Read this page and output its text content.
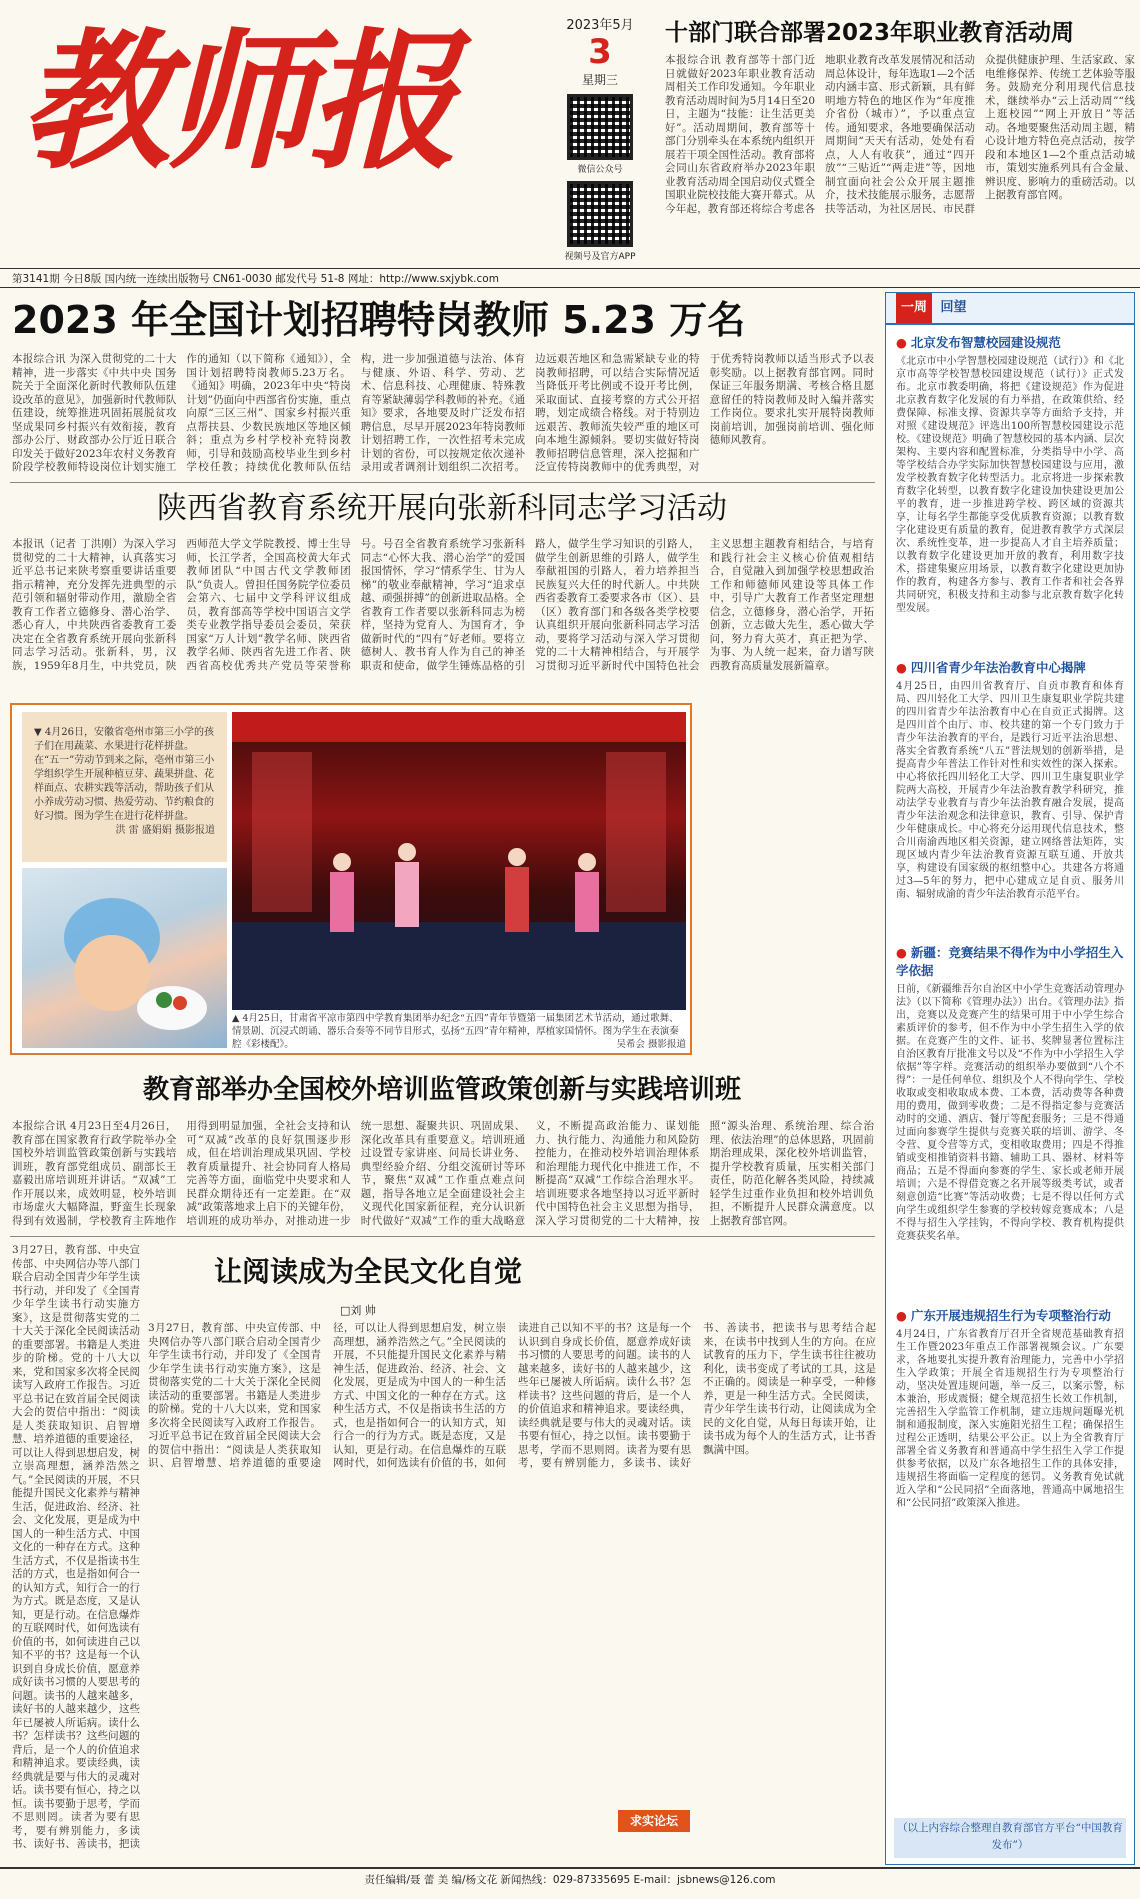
教师报	2023年5月
3
星期三
微信公众号
视频号及官方APP
十部门联合部署2023年职业教育活动周
本报综合讯 教育部等十部门近日就做好2023年职业教育活动周相关工作印发通知。今年职业教育活动周时间为5月14日至20日，主题为“技能：让生活更美好”。活动周期间，教育部等十部门分别牵头在本系统内组织开展若干项全国性活动。教育部将会同山东省政府举办2023年职业教育活动周全国启动仪式暨全国职业院校技能大赛开幕式。从今年起，教育部还将综合考虑各地职业教育改革发展情况和活动周总体设计，每年选取1—2个活动内涵丰富、形式新颖，具有鲜明地方特色的地区作为“年度推介省份（城市）”，予以重点宣传。通知要求，各地要确保活动周期间“天天有活动，处处有看点，人人有收获”，通过“四开放”“三贴近”“两走进”等，因地制宜面向社会公众开展主题推介，技术技能展示服务，志愿帮扶等活动，为社区居民、市民群众提供健康护理、生活家政、家电维修保养、传统工艺体验等服务。鼓励充分利用现代信息技术，继续举办“云上活动周”“线上逛校园”“网上开放日”等活动。各地要聚焦活动周主题，精心设计地方特色亮点活动，按学段和本地区1—2个重点活动城市，策划实施系列具有合金量、辨识度、影响力的重磅活动。以上据教育部官网。
第3141期 今日8版 国内统一连续出版物号 CN61-0030 邮发代号 51-8 网址：http://www.sxjybk.com
2023 年全国计划招聘特岗教师 5.23 万名
本报综合讯 为深入贯彻党的二十大精神，进一步落实《中共中央 国务院关于全面深化新时代教师队伍建设改革的意见》，加强新时代教师队伍建设，统筹推进巩固拓展脱贫攻坚成果同乡村振兴有效衔接，教育部办公厅、财政部办公厅近日联合印发关于做好2023年农村义务教育阶段学校教师特设岗位计划实施工作的通知（以下简称《通知》），全国计划招聘特岗教师5.23万名。《通知》明确，2023年中央“特岗计划”仍面向中西部省份实施，重点向原“三区三州”、国家乡村振兴重点帮扶县、少数民族地区等地区倾斜；重点为乡村学校补充特岗教师，引导和鼓励高校毕业生到乡村学校任教；持续优化教师队伍结构，进一步加强道德与法治、体育与健康、外语、科学、劳动、艺术、信息科技、心理健康、特殊教育等紧缺薄弱学科教师的补充。《通知》要求，各地要及时广泛发布招聘信息，尽早开展2023年特岗教师计划招聘工作，一次性招考未完成计划的省份，可以按规定依次递补录用或者调剂计划组织二次招考。边远艰苦地区和急需紧缺专业的特岗教师招聘，可以结合实际情况适当降低开考比例或不设开考比例，采取面试、直接考察的方式公开招聘，划定成绩合格线。对于特别边远艰苦、教师流失较严重的地区可向本地生源倾斜。要切实做好特岗教师招聘信息管理，深入挖掘和广泛宣传特岗教师中的优秀典型，对于优秀特岗教师以适当形式予以表彰奖励。以上据教育部官网。同时保证三年服务期满、考核合格且愿意留任的特岗教师及时入编并落实工作岗位。要求扎实开展特岗教师岗前培训，加强岗前培训、强化师德师风教育。
陕西省教育系统开展向张新科同志学习活动
本报讯（记者 丁洪刚）为深入学习贯彻党的二十大精神，认真落实习近平总书记来陕考察重要讲话重要指示精神，充分发挥先进典型的示范引领和辐射带动作用，激励全省教育工作者立德修身、潜心治学、悉心育人，中共陕西省委教育工委决定在全省教育系统开展向张新科同志学习活动。张新科，男，汉族，1959年8月生，中共党员，陕西师范大学文学院教授、博士生导师，长江学者，全国高校黄大年式教师团队“中国古代文学教师团队”负责人。曾担任国务院学位委员会第六、七届中文学科评议组成员，教育部高等学校中国语言文学类专业教学指导委员会委员，荣获国家“万人计划”教学名师、陕西省教学名师、陕西省先进工作者、陕西省高校优秀共产党员等荣誉称号。号召全省教育系统学习张新科同志“心怀大我、潜心治学”的爱国报国情怀，学习“情系学生、甘为人梯”的敬业奉献精神，学习“追求卓越、顽强拼搏”的创新进取品格。全省教育工作者要以张新科同志为榜样，坚持为党育人、为国育才，争做新时代的“四有”好老师。要将立德树人、教书育人作为自己的神圣职责和使命，做学生锤炼品格的引路人，做学生学习知识的引路人，做学生创新思维的引路人，做学生奉献祖国的引路人，着力培养担当民族复兴大任的时代新人。中共陕西省委教育工委要求各市（区）、县（区）教育部门和各级各类学校要认真组织开展向张新科同志学习活动，要将学习活动与深入学习贯彻党的二十大精神相结合，与开展学习贯彻习近平新时代中国特色社会主义思想主题教育相结合，与培育和践行社会主义核心价值观相结合，自觉融入到加强学校思想政治工作和师德师风建设等具体工作中，引导广大教育工作者坚定理想信念，立德修身，潜心治学，开拓创新，立志做大先生，悉心做大学问，努力育大英才，真正把为学、为事、为人统一起来，奋力谱写陕西教育高质量发展新篇章。
▼ 4月26日，安徽省亳州市第三小学的孩子们在用蔬菜、水果进行花样拼盘。在“五一”劳动节到来之际，亳州市第三小学组织学生开展种植豆芽、蔬果拼盘、花样面点、农耕实践等活动，帮助孩子们从小养成劳动习惯、热爱劳动、节约粮食的好习惯。图为学生在进行花样拼盘。

洪 雷 盛娟娟 摄影报道
▲ 4月25日，甘肃省平凉市第四中学教育集团举办纪念“五四”青年节暨第一届集团艺术节活动，通过歌舞、情景剧、沉浸式朗诵、器乐合奏等不同节目形式，弘扬“五四”青年精神，厚植家国情怀。图为学生在表演秦腔《彩楼配》。	吴希会 摄影报道
教育部举办全国校外培训监管政策创新与实践培训班
本报综合讯 4月23日至4月26日，教育部在国家教育行政学院举办全国校外培训监管政策创新与实践培训班，教育部党组成员、副部长王嘉毅出席培训班并讲话。“双减”工作开展以来，成效明显，校外培训市场虚火大幅降温，野蛮生长现象得到有效遏制，学校教育主阵地作用得到明显加强，全社会支持和认可“双减”改革的良好氛围逐步形成，但在培训治理成果巩固、学校教育质量提升、社会协同育人格局完善等方面，面临党中央要求和人民群众期待还有一定差距。在“双减”政策落地求上启下的关键年份，培训班的成功举办，对推动进一步统一思想、凝聚共识、巩固成果、深化改革具有重要意义。培训班通过设置专家讲座、问局长讲业务、典型经验介绍、分组交流研讨等环节，聚焦“双减”工作重点难点问题，指导各地立足全面建设社会主义现代化国家新征程，充分认识新时代做好“双减”工作的重大战略意义，不断提高政治能力、谋划能力、执行能力、沟通能力和风险防控能力，在推动校外培训治理体系和治理能力现代化中推进工作，不断提高“双减”工作综合治理水平。培训班要求各地坚持以习近平新时代中国特色社会主义思想为指导，深入学习贯彻党的二十大精神，按照“源头治理、系统治理、综合治理、依法治理”的总体思路，巩固前期治理成果，深化校外培训监管，提升学校教育质量，压实相关部门责任，防范化解各类风险，持续减轻学生过重作业负担和校外培训负担，不断提升人民群众满意度。以上据教育部官网。
3月27日，教育部、中央宣传部、中央网信办等八部门联合启动全国青少年学生读书行动，并印发了《全国青少年学生读书行动实施方案》，这是贯彻落实党的二十大关于深化全民阅读活动的重要部署。书籍是人类进步的阶梯。党的十八大以来，党和国家多次将全民阅读写入政府工作报告。习近平总书记在致首届全民阅读大会的贺信中指出：“阅读是人类获取知识、启智增慧、培养道德的重要途径，可以让人得到思想启发，树立崇高理想，涵养浩然之气。”全民阅读的开展，不只能提升国民文化素养与精神生活，促进政治、经济、社会、文化发展，更是成为中国人的一种生活方式、中国文化的一种存在方式。这种生活方式，不仅是指读书生活的方式，也是指如何合一的认知方式，知行合一的行为方式。既是态度，又是认知，更是行动。在信息爆炸的互联网时代，如何选读有价值的书，如何读进自己以知不平的书？这是每一个认识到自身成长价值，愿意养成好读书习惯的人要思考的问题。读书的人越来越多，读好书的人越来越少，这些年已屡被人所诟病。读什么书？怎样读书？这些问题的背后，是一个人的价值追求和精神追求。要读经典，读经典就是要与伟大的灵魂对话。读书要有恒心，持之以恒。读书要勤于思考，学而不思则罔。读者为要有思考，要有辨别能力，多读书、读好书、善读书，把读
让阅读成为全民文化自觉
□刘 帅
3月27日，教育部、中央宣传部、中央网信办等八部门联合启动全国青少年学生读书行动，并印发了《全国青少年学生读书行动实施方案》，这是贯彻落实党的二十大关于深化全民阅读活动的重要部署。书籍是人类进步的阶梯。党的十八大以来，党和国家多次将全民阅读写入政府工作报告。习近平总书记在致首届全民阅读大会的贺信中指出：“阅读是人类获取知识、启智增慧、培养道德的重要途径，可以让人得到思想启发，树立崇高理想，涵养浩然之气。”全民阅读的开展，不只能提升国民文化素养与精神生活，促进政治、经济、社会、文化发展，更是成为中国人的一种生活方式、中国文化的一种存在方式。这种生活方式，不仅是指读书生活的方式，也是指如何合一的认知方式，知行合一的行为方式。既是态度，又是认知，更是行动。在信息爆炸的互联网时代，如何选读有价值的书，如何读进自己以知不平的书？这是每一个认识到自身成长价值，愿意养成好读书习惯的人要思考的问题。读书的人越来越多，读好书的人越来越少，这些年已屡被人所诟病。读什么书？怎样读书？这些问题的背后，是一个人的价值追求和精神追求。要读经典，读经典就是要与伟大的灵魂对话。读书要有恒心，持之以恒。读书要勤于思考，学而不思则罔。读者为要有思考，要有辨别能力，多读书、读好书、善读书，把读书与思考结合起来，在读书中找到人生的方向。在应试教育的压力下，学生读书往往被功利化，读书变成了考试的工具，这是不正确的。阅读是一种享受，一种修养，更是一种生活方式。全民阅读，青少年学生读书行动，让阅读成为全民的文化自觉，从每日每读开始，让读书成为每个人的生活方式，让书香飘满中国。
求实论坛
一周 回望
● 北京发布智慧校园建设规范
《北京市中小学智慧校园建设规范（试行）》和《北京市高等学校智慧校园建设规范（试行）》正式发布。北京市教委明确，将把《建设规范》作为促进北京教育数字化发展的有力举措，在政策供给、经费保障、标准支撑、资源共享等方面给予支持，并对照《建设规范》评选出100所智慧校园建设示范校。《建设规范》明确了智慧校园的基本内涵、层次架构、主要内容和配置标准，分类指导中小学、高等学校结合办学实际加快智慧校园建设与应用，激发学校教育数字化转型活力。北京将进一步探索教育数字化转型，以教育数字化建设加快建设更加公平的教育，进一步推进跨学校、跨区域的资源共享，让每名学生都能享受优质教育资源；以教育数字化建设更有质量的教育，促进教育教学方式深层次、系统性变革，进一步提高人才自主培养质量；以教育数字化建设更加开放的教育，利用数字技术，搭建集聚应用场景，以教育数字化建设更加协作的教育，构建各方参与、教育工作者和社会各界共同研究，积极支持和主动参与北京教育数字化转型发展。
● 四川省青少年法治教育中心揭牌
4月25日，由四川省教育厅、自贡市教育和体育局、四川轻化工大学、四川卫生康复职业学院共建的四川省青少年法治教育中心在自贡正式揭牌。这是四川首个由厅、市、校共建的第一个专门致力于青少年法治教育的平台，是践行习近平法治思想、落实全省教育系统“八五”普法规划的创新举措，是提高青少年普法工作针对性和实效性的深入探索。中心将依托四川轻化工大学、四川卫生康复职业学院两大高校，开展青少年法治教育教学科研究，推动法学专业教育与青少年法治教育融合发展，提高青少年法治观念和法律意识，教育、引导、保护青少年健康成长。中心将充分运用现代信息技术，整合川南渝西地区相关资源，建立网络普法矩阵，实现区域内青少年法治教育资源互联互通、开放共享，构建设有国家级的枢纽整中心。共建各方将通过3—5年的努力，把中心建成立足自贡、服务川南、辐射成渝的青少年法治教育示范平台。
● 新疆：竞赛结果不得作为中小学招生入学依据
日前，《新疆维吾尔自治区中小学生竞赛活动管理办法》（以下简称《管理办法》）出台。《管理办法》指出，竞赛以及竞赛产生的结果可用于中小学生综合素质评价的参考，但不作为中小学生招生入学的依据。在竞赛产生的文件、证书、奖牌显著位置标注自治区教育厅批准文号以及“不作为中小学招生入学依据”等字样。竞赛活动的组织举办要做到“八个不得”：一是任何单位、组织及个人不得向学生、学校收取或变相收取成本费、工本费，活动费等各种费用的费用，做到零收费；二是不得指定参与竞赛活动时的交通、酒店、餐厅等配套服务；三是不得通过面向参赛学生提供与竞赛关联的培训、游学、冬令营、夏令营等方式，变相收取费用；四是不得推销或变相推销资料书籍、辅助工具、器材、材料等商品；五是不得面向参赛的学生、家长或老师开展培训；六是不得借竞赛之名开展等级类考试，或者刻意创造“比赛”等活动收费；七是不得以任何方式向学生或组织学生参赛的学校转嫁竞赛成本；八是不得与招生入学挂钩，不得向学校、教育机构提供竞赛获奖名单。
● 广东开展违规招生行为专项整治行动
4月24日，广东省教育厅召开全省规范基础教育招生工作暨2023年重点工作部署视频会议。广东要求，各地要扎实提升教育治理能力，完善中小学招生入学政策；开展全省违规招生行为专项整治行动，坚决处置违规问题，举一反三，以案示警，标本兼治，形成震慑；健全规范招生长效工作机制，完善招生入学监管工作机制，建立违规问题曝光机制和通报制度，深入实施阳光招生工程；确保招生过程公正透明，结果公平公正。以上为全省教育厅部署全省义务教育和普通高中学生招生入学工作提供参考依据，以及广东各地招生工作的具体安排，违规招生将面临一定程度的惩罚。义务教育免试就近入学和“公民同招”全面落地，普通高中属地招生和“公民同招”政策深入推进。
（以上内容综合整理自教育部官方平台“中国教育发布”）
责任编辑/聂 蕾 美 编/杨文花 新闻热线：029-87335695 E-mail：jsbnews@126.com
